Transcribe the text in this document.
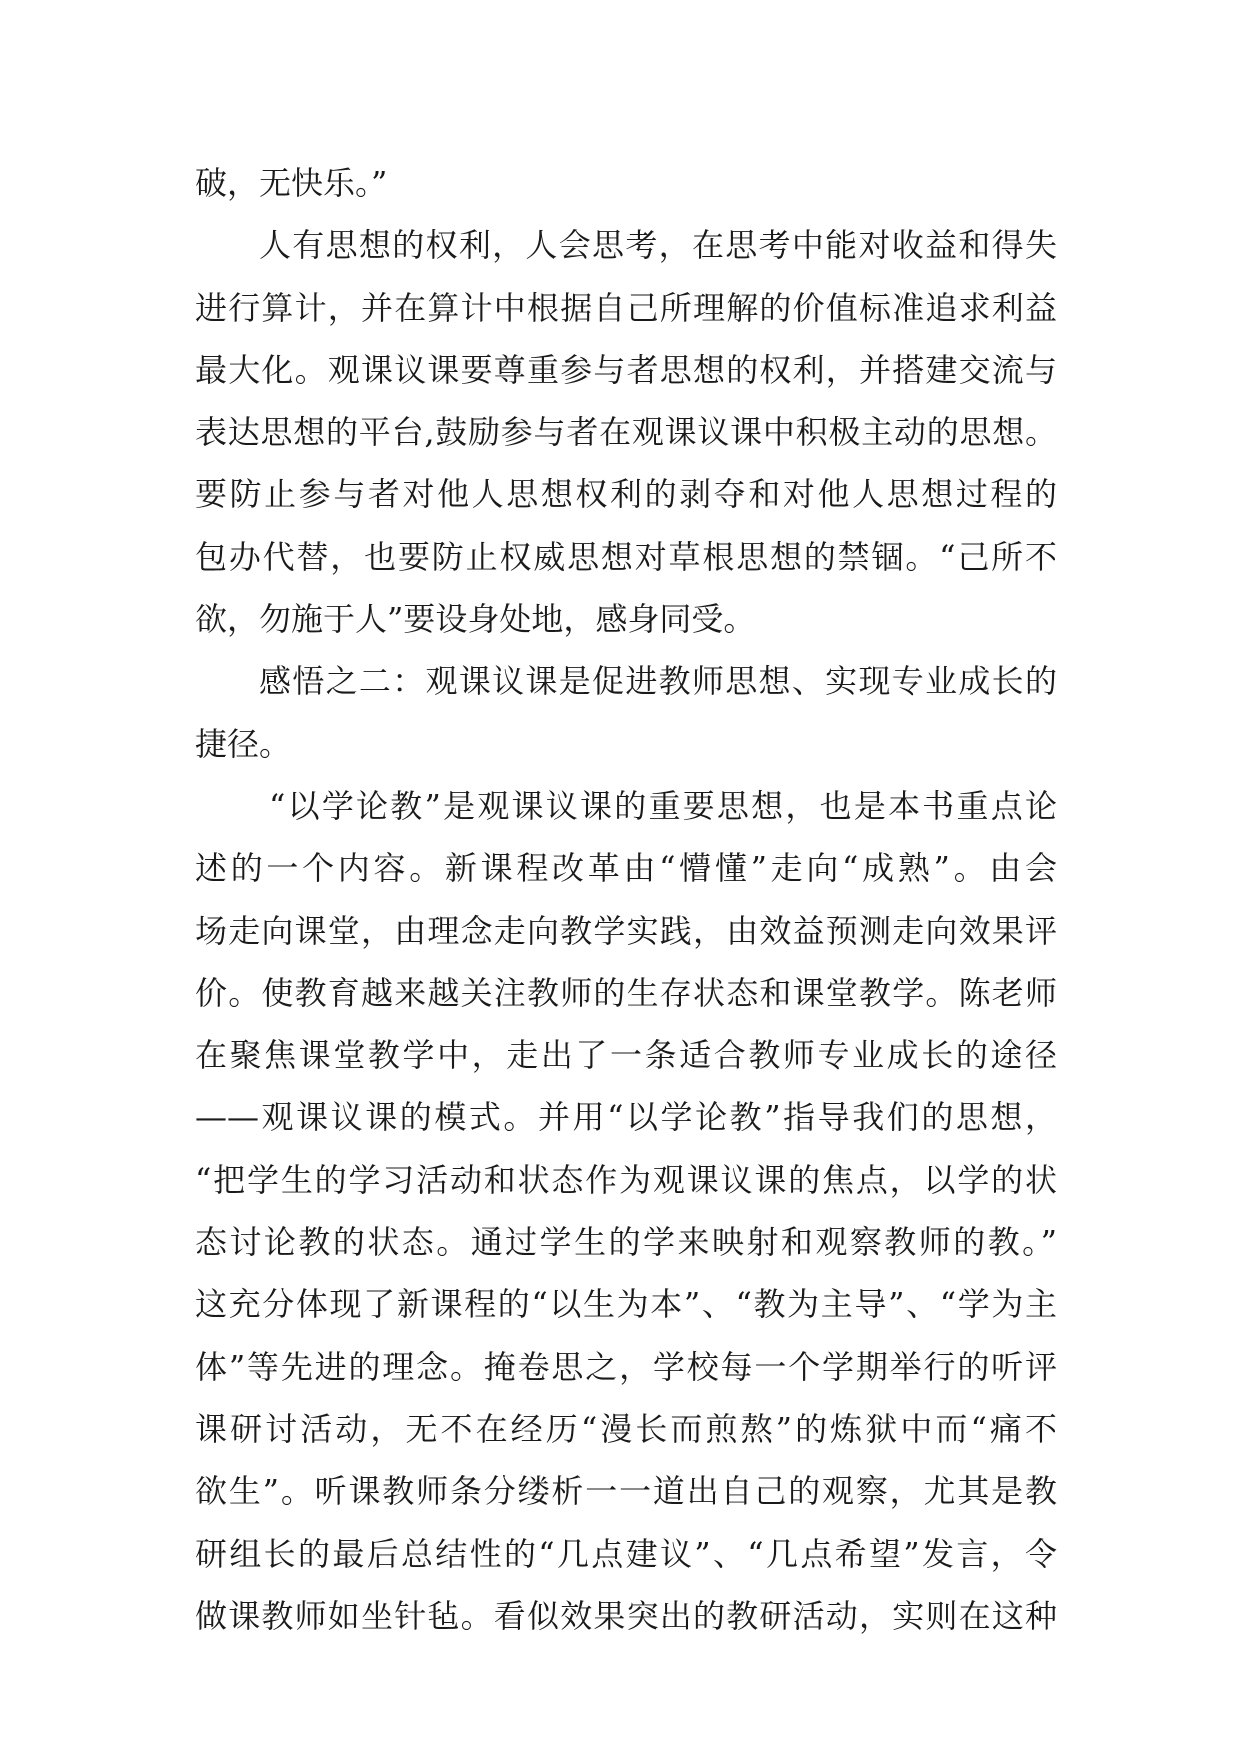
破，无快乐。”
人有思想的权利，人会思考，在思考中能对收益和得失
进行算计，并在算计中根据自己所理解的价值标准追求利益
最大化。观课议课要尊重参与者思想的权利，并搭建交流与
表达思想的平台,鼓励参与者在观课议课中积极主动的思想。
要防止参与者对他人思想权利的剥夺和对他人思想过程的
包办代替，也要防止权威思想对草根思想的禁锢。“己所不
欲，勿施于人”要设身处地，感身同受。
感悟之二：观课议课是促进教师思想、实现专业成长的
捷径。
“以学论教”是观课议课的重要思想，也是本书重点论
述的一个内容。新课程改革由“懵懂”走向“成熟”。由会
场走向课堂，由理念走向教学实践，由效益预测走向效果评
价。使教育越来越关注教师的生存状态和课堂教学。陈老师
在聚焦课堂教学中，走出了一条适合教师专业成长的途径
——观课议课的模式。并用“以学论教”指导我们的思想，
“把学生的学习活动和状态作为观课议课的焦点，以学的状
态讨论教的状态。通过学生的学来映射和观察教师的教。”
这充分体现了新课程的“以生为本”、“教为主导”、“学为主
体”等先进的理念。掩卷思之，学校每一个学期举行的听评
课研讨活动，无不在经历“漫长而煎熬”的炼狱中而“痛不
欲生”。听课教师条分缕析一一道出自己的观察，尤其是教
研组长的最后总结性的“几点建议”、“几点希望”发言，令
做课教师如坐针毡。看似效果突出的教研活动，实则在这种
